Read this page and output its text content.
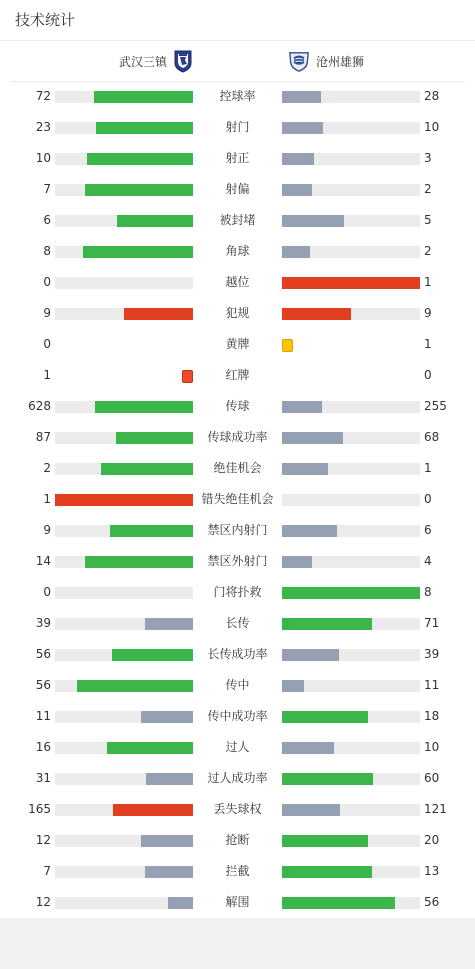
技术统计
武汉三镇	沧州雄狮
72	控球率	28
23	射门	10
10	射正	3
7	射偏	2
6	被封堵	5
8	角球	2
0	越位	1
9	犯规	9
0	黄牌	1
1	红牌	0
628	传球	255
87	传球成功率	68
2	绝佳机会	1
1	错失绝佳机会	0
9	禁区内射门	6
14	禁区外射门	4
0	门将扑救	8
39	长传	71
56	长传成功率	39
56	传中	11
11	传中成功率	18
16	过人	10
31	过人成功率	60
165	丢失球权	121
12	抢断	20
7	拦截	13
12	解围	56
